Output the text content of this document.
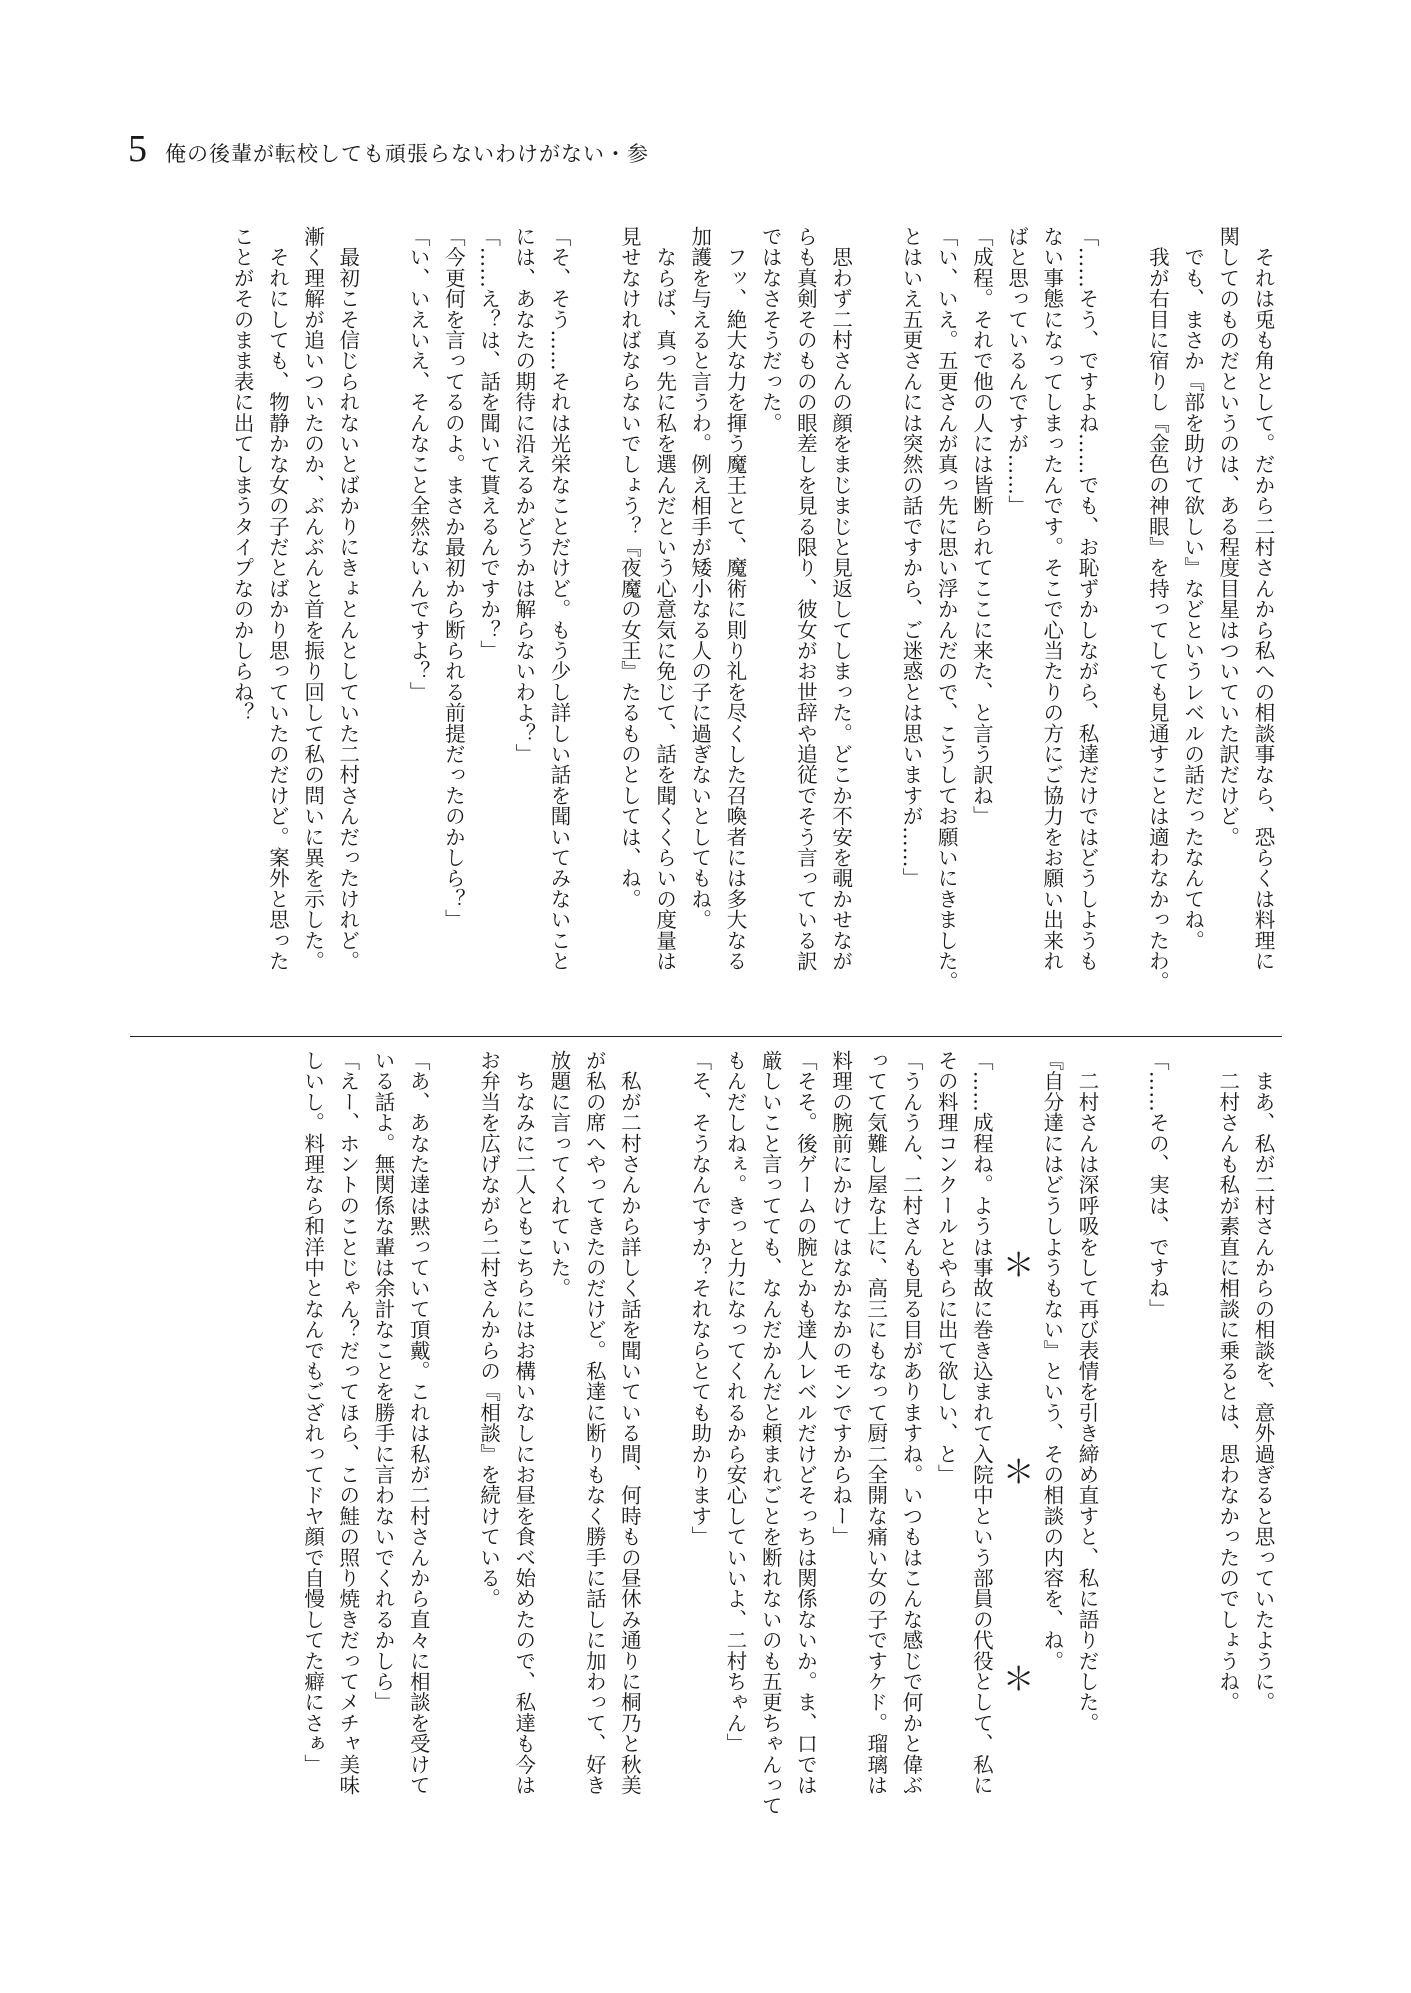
5 俺の後輩が転校しても頑張らないわけがない・参

　それは兎も角として。だから二村さんから私への相談事なら、恐らくは料理に

関してのものだというのは、ある程度目星はついていた訳だけど。

　でも、まさか『部を助けて欲しい』などというレベルの話だったなんてね。

　我が右目に宿りし『金色の神眼』を持ってしても見通すことは適わなかったわ。

「……そう、ですよね……でも、お恥ずかしながら、私達だけではどうしようも

ない事態になってしまったんです。そこで心当たりの方にご協力をお願い出来れ

ばと思っているんですが……」

「成程。それで他の人には皆断られてここに来た、と言う訳ね」

「い、いえ。五更さんが真っ先に思い浮かんだので、こうしてお願いにきました。

とはいえ五更さんには突然の話ですから、ご迷惑とは思いますが……」

　思わず二村さんの顔をまじまじと見返してしまった。どこか不安を覗かせなが

らも真剣そのものの眼差しを見る限り、彼女がお世辞や追従でそう言っている訳

ではなさそうだった。

　フッ、絶大な力を揮う魔王とて、魔術に則り礼を尽くした召喚者には多大なる

加護を与えると言うわ。例え相手が矮小なる人の子に過ぎないとしてもね。

　ならば、真っ先に私を選んだという心意気に免じて、話を聞くくらいの度量は

見せなければならないでしょう？『夜魔の女王』たるものとしては、ね。

「そ、そう……それは光栄なことだけど。もう少し詳しい話を聞いてみないこと

には、あなたの期待に沿えるかどうかは解らないわよ？」

「……え？は、話を聞いて貰えるんですか？」

「今更何を言ってるのよ。まさか最初から断られる前提だったのかしら？」

「い、いえいえ、そんなこと全然ないんですよ？」

　最初こそ信じられないとばかりにきょとんとしていた二村さんだったけれど。

漸く理解が追いついたのか、ぶんぶんと首を振り回して私の問いに異を示した。

　それにしても、物静かな女の子だとばかり思っていたのだけど。案外と思った

ことがそのまま表に出てしまうタイプなのかしらね？

　まあ、私が二村さんからの相談を、意外過ぎると思っていたように。

　二村さんも私が素直に相談に乗るとは、思わなかったのでしょうね。

「……その、実は、ですね」

　二村さんは深呼吸をして再び表情を引き締め直すと、私に語りだした。

『自分達にはどうしようもない』という、その相談の内容を、ね。

＊
＊
＊

「……成程ね。ようは事故に巻き込まれて入院中という部員の代役として、私に

その料理コンクールとやらに出て欲しい、と」

「うんうん、二村さんも見る目がありますね。いつもはこんな感じで何かと偉ぶ

ってて気難し屋な上に、高三にもなって厨二全開な痛い女の子ですケド。瑠璃は

料理の腕前にかけてはなかなかのモンですからねー」

「そそ。後ゲームの腕とかも達人レベルだけどそっちは関係ないか。ま、口では

厳しいこと言ってても、なんだかんだと頼まれごとを断れないのも五更ちゃんって

もんだしねぇ。きっと力になってくれるから安心していいよ、二村ちゃん」

「そ、そうなんですか？それならとても助かります」

　私が二村さんから詳しく話を聞いている間、何時もの昼休み通りに桐乃と秋美

が私の席へやってきたのだけど。私達に断りもなく勝手に話しに加わって、好き

放題に言ってくれていた。

　ちなみに二人ともこちらにはお構いなしにお昼を食べ始めたので、私達も今は

お弁当を広げながら二村さんからの『相談』を続けている。

「あ、あなた達は黙っていて頂戴。これは私が二村さんから直々に相談を受けて

いる話よ。無関係な輩は余計なことを勝手に言わないでくれるかしら」

「えー、ホントのことじゃん？だってほら、この鮭の照り焼きだってメチャ美味

しいし。料理なら和洋中となんでもござれってドヤ顔で自慢してた癖にさぁ」
